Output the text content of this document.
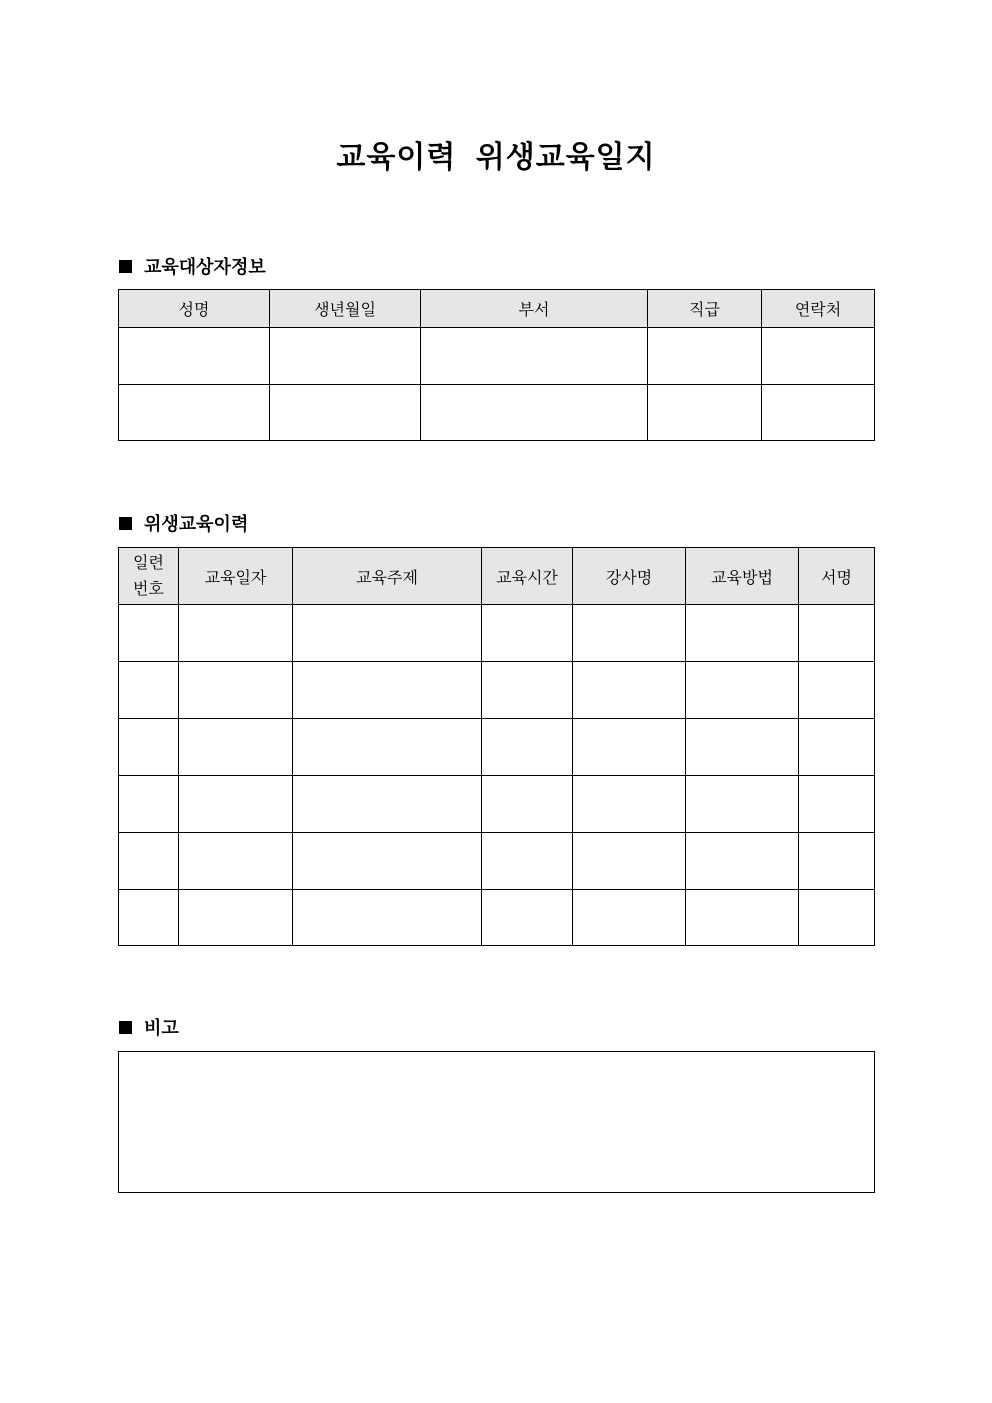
교육이력 위생교육일지
교육대상자정보
성명	생년월일	부서	직급	연락처

위생교육이력
일련
번호	교육일자	교육주제	교육시간	강사명	교육방법	서명

비고
